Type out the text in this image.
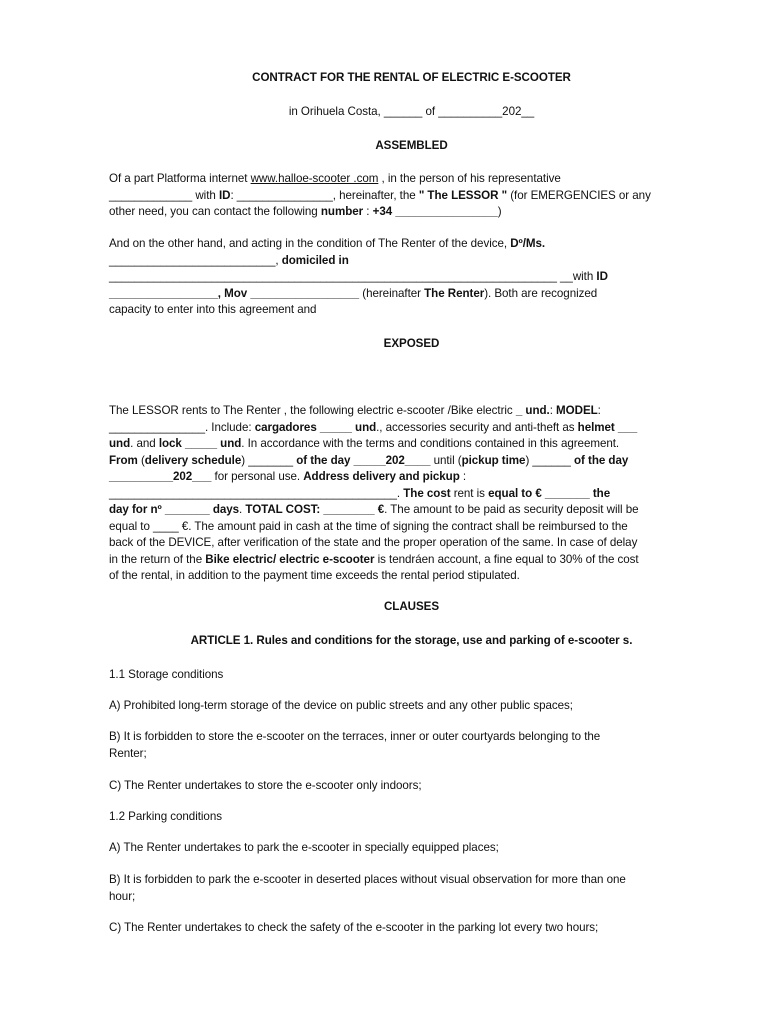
CONTRACT FOR THE RENTAL OF ELECTRIC E-SCOOTER
in Orihuela Costa, ______ of __________202__
ASSEMBLED
Of a part Platforma internet www.halloe-scooter .com , in the person of his representative
_____________ with ID: _______________, hereinafter, the " The LESSOR " (for EMERGENCIES or any
other need, you can contact the following number : +34 ________________)
And on the other hand, and acting in the condition of The Renter of the device, Dº/Ms.
__________________________, domiciled in
______________________________________________________________________ __with ID
_________________, Mov _________________ (hereinafter The Renter). Both are recognized
capacity to enter into this agreement and
EXPOSED
The LESSOR rents to The Renter , the following electric e-scooter /Bike electric _ und.: MODEL:
_______________. Include: cargadores _____ und., accessories security and anti-theft as helmet ___
und. and lock _____ und. In accordance with the terms and conditions contained in this agreement.
From (delivery schedule) _______ of the day _____202____ until (pickup time) ______ of the day
__________202___ for personal use. Address delivery and pickup :
_____________________________________________. The cost rent is equal to € _______ the
day for nº _______ days. TOTAL COST: ________ €. The amount to be paid as security deposit will be
equal to ____ €. The amount paid in cash at the time of signing the contract shall be reimbursed to the
back of the DEVICE, after verification of the state and the proper operation of the same. In case of delay
in the return of the Bike electric/ electric e-scooter is tendráen account, a fine equal to 30% of the cost
of the rental, in addition to the payment time exceeds the rental period stipulated.
CLAUSES
ARTICLE 1. Rules and conditions for the storage, use and parking of e-scooter s.
1.1 Storage conditions
A) Prohibited long-term storage of the device on public streets and any other public spaces;
B) It is forbidden to store the e-scooter on the terraces, inner or outer courtyards belonging to the
Renter;
C) The Renter undertakes to store the e-scooter only indoors;
1.2 Parking conditions
A) The Renter undertakes to park the e-scooter in specially equipped places;
B) It is forbidden to park the e-scooter in deserted places without visual observation for more than one
hour;
C) The Renter undertakes to check the safety of the e-scooter in the parking lot every two hours;
